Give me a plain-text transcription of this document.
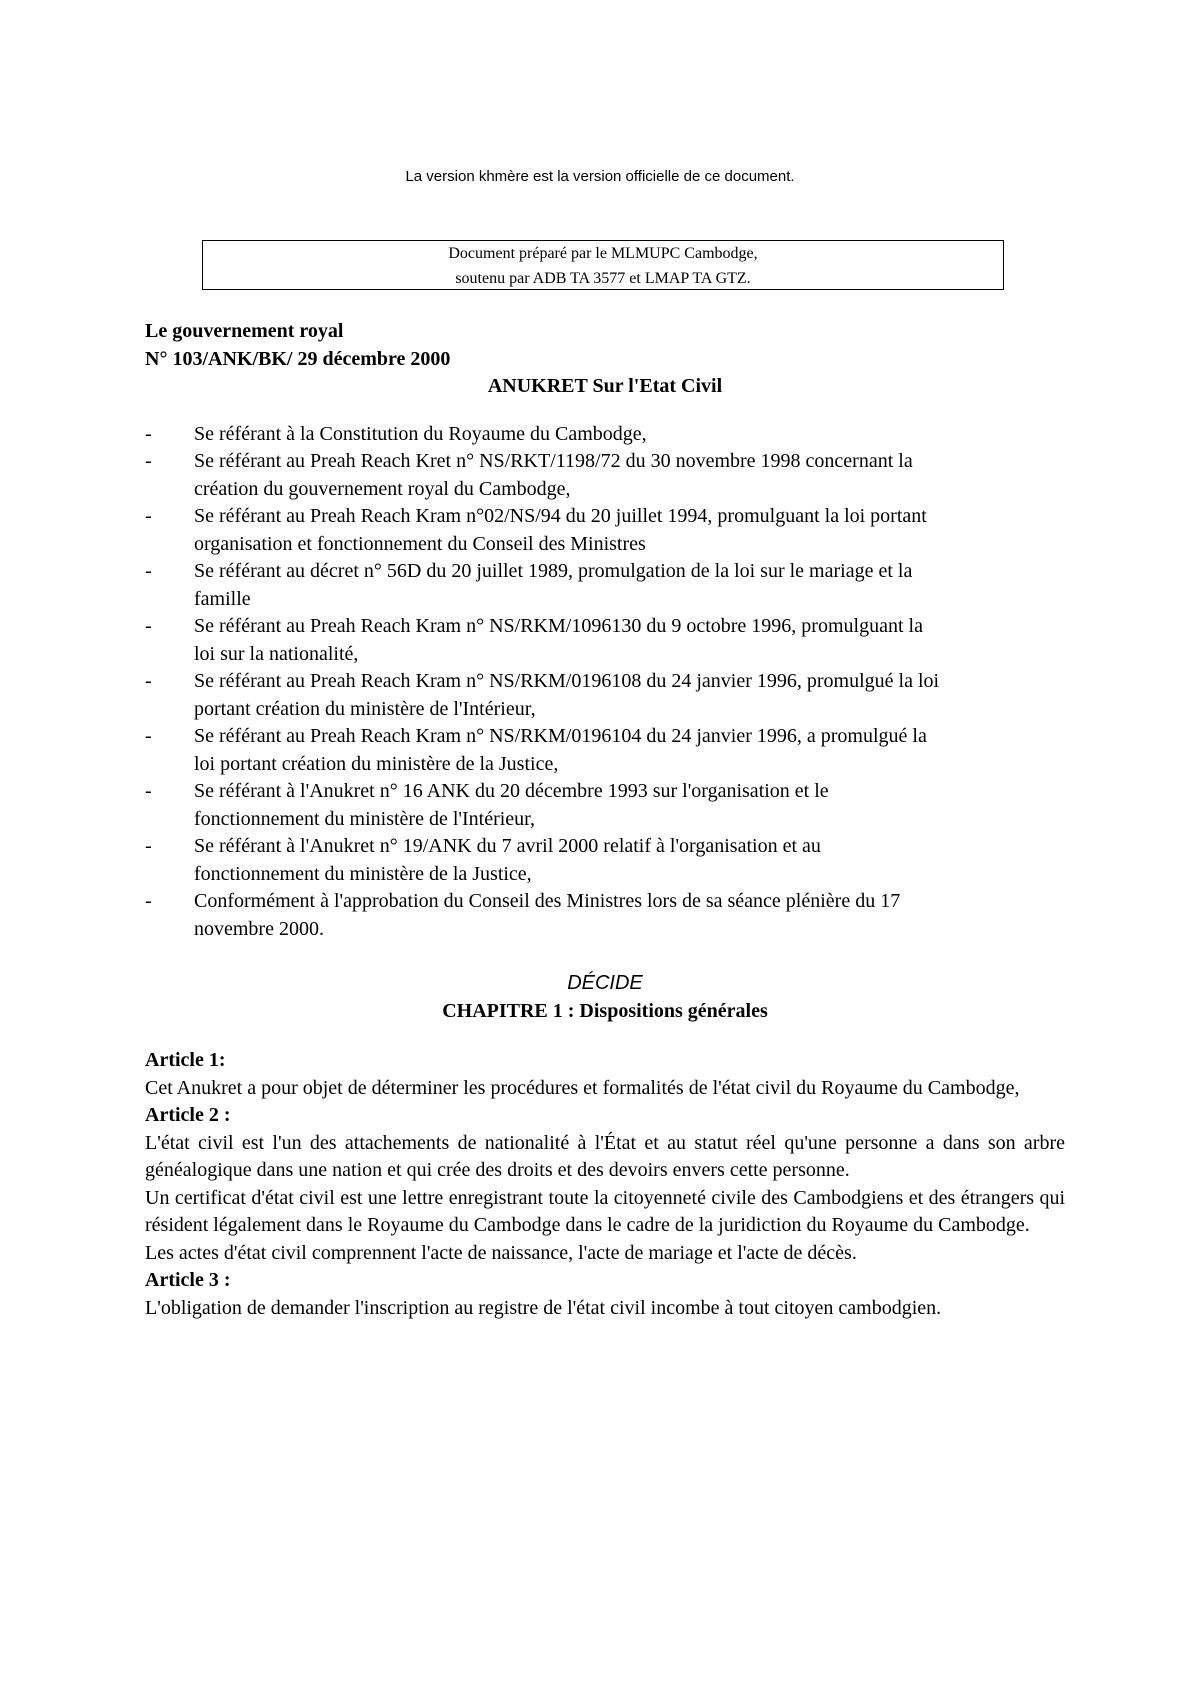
La version khmère est la version officielle de ce document.
Document préparé par le MLMUPC Cambodge,
soutenu par ADB TA 3577 et LMAP TA GTZ.
Le gouvernement royal
N° 103/ANK/BK/ 29 décembre 2000
ANUKRET Sur l'Etat Civil
- Se référant à la Constitution du Royaume du Cambodge,
- Se référant au Preah Reach Kret n° NS/RKT/1198/72 du 30 novembre 1998 concernant la
création du gouvernement royal du Cambodge,
- Se référant au Preah Reach Kram n°02/NS/94 du 20 juillet 1994, promulguant la loi portant
organisation et fonctionnement du Conseil des Ministres
- Se référant au décret n° 56D du 20 juillet 1989, promulgation de la loi sur le mariage et la
famille
- Se référant au Preah Reach Kram n° NS/RKM/1096130 du 9 octobre 1996, promulguant la
loi sur la nationalité,
- Se référant au Preah Reach Kram n° NS/RKM/0196108 du 24 janvier 1996, promulgué la loi
portant création du ministère de l'Intérieur,
- Se référant au Preah Reach Kram n° NS/RKM/0196104 du 24 janvier 1996, a promulgué la
loi portant création du ministère de la Justice,
- Se référant à l'Anukret n° 16 ANK du 20 décembre 1993 sur l'organisation et le
fonctionnement du ministère de l'Intérieur,
- Se référant à l'Anukret n° 19/ANK du 7 avril 2000 relatif à l'organisation et au
fonctionnement du ministère de la Justice,
- Conformément à l'approbation du Conseil des Ministres lors de sa séance plénière du 17
novembre 2000.
DÉCIDE
CHAPITRE 1 : Dispositions générales
Article 1:
Cet Anukret a pour objet de déterminer les procédures et formalités de l'état civil du Royaume du Cambodge,
Article 2 :
L'état civil est l'un des attachements de nationalité à l'État et au statut réel qu'une personne a dans son arbre généalogique dans une nation et qui crée des droits et des devoirs envers cette personne.
Un certificat d'état civil est une lettre enregistrant toute la citoyenneté civile des Cambodgiens et des étrangers qui résident légalement dans le Royaume du Cambodge dans le cadre de la juridiction du Royaume du Cambodge.
Les actes d'état civil comprennent l'acte de naissance, l'acte de mariage et l'acte de décès.
Article 3 :
L'obligation de demander l'inscription au registre de l'état civil incombe à tout citoyen cambodgien.
